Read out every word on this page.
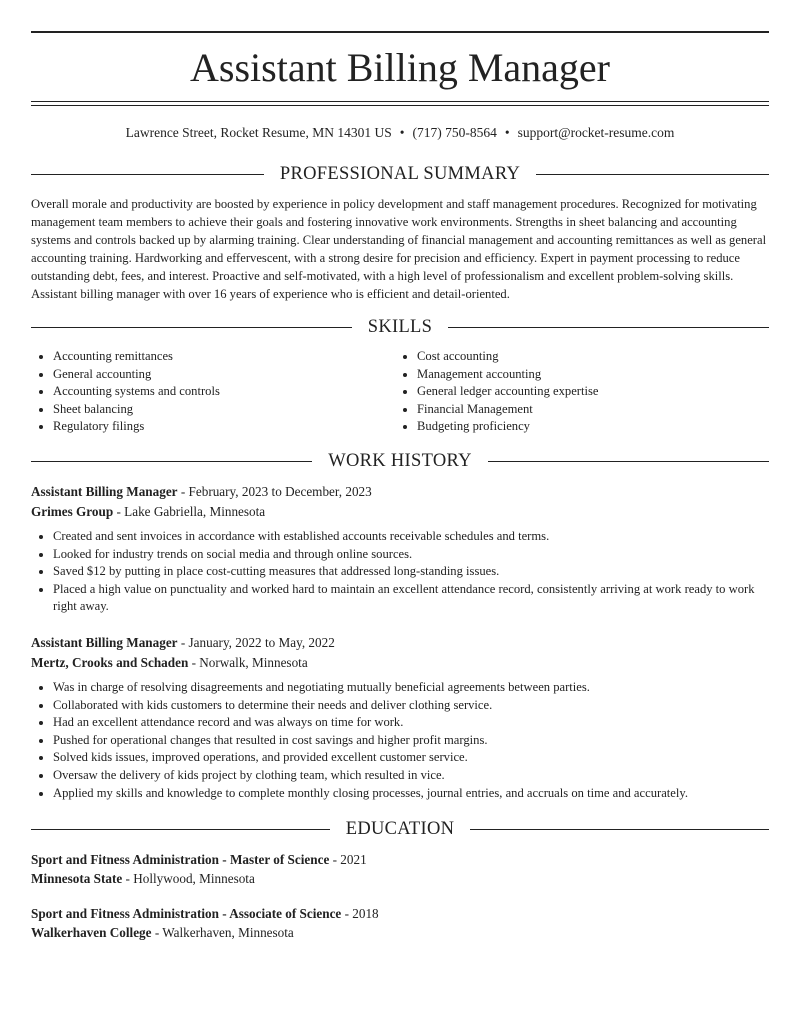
Assistant Billing Manager
Lawrence Street, Rocket Resume, MN 14301 US • (717) 750-8564 • support@rocket-resume.com
PROFESSIONAL SUMMARY

Overall morale and productivity are boosted by experience in policy development and staff management procedures. Recognized for motivating management team members to achieve their goals and fostering innovative work environments. Strengths in sheet balancing and accounting systems and controls backed up by alarming training. Clear understanding of financial management and accounting remittances as well as general accounting training. Hardworking and effervescent, with a strong desire for precision and efficiency. Expert in payment processing to reduce outstanding debt, fees, and interest. Proactive and self-motivated, with a high level of professionalism and excellent problem-solving skills. Assistant billing manager with over 16 years of experience who is efficient and detail-oriented.

SKILLS
• Accounting remittances
• General accounting
• Accounting systems and controls
• Sheet balancing
• Regulatory filings
• Cost accounting
• Management accounting
• General ledger accounting expertise
• Financial Management
• Budgeting proficiency
WORK HISTORY
Assistant Billing Manager - February, 2023 to December, 2023
Grimes Group - Lake Gabriella, Minnesota
• Created and sent invoices in accordance with established accounts receivable schedules and terms.
• Looked for industry trends on social media and through online sources.
• Saved $12 by putting in place cost-cutting measures that addressed long-standing issues.
• Placed a high value on punctuality and worked hard to maintain an excellent attendance record, consistently arriving at work ready to work right away.
Assistant Billing Manager - January, 2022 to May, 2022
Mertz, Crooks and Schaden - Norwalk, Minnesota
• Was in charge of resolving disagreements and negotiating mutually beneficial agreements between parties.
• Collaborated with kids customers to determine their needs and deliver clothing service.
• Had an excellent attendance record and was always on time for work.
• Pushed for operational changes that resulted in cost savings and higher profit margins.
• Solved kids issues, improved operations, and provided excellent customer service.
• Oversaw the delivery of kids project by clothing team, which resulted in vice.
• Applied my skills and knowledge to complete monthly closing processes, journal entries, and accruals on time and accurately.
EDUCATION
Sport and Fitness Administration - Master of Science - 2021
Minnesota State - Hollywood, Minnesota
Sport and Fitness Administration - Associate of Science - 2018
Walkerhaven College - Walkerhaven, Minnesota
